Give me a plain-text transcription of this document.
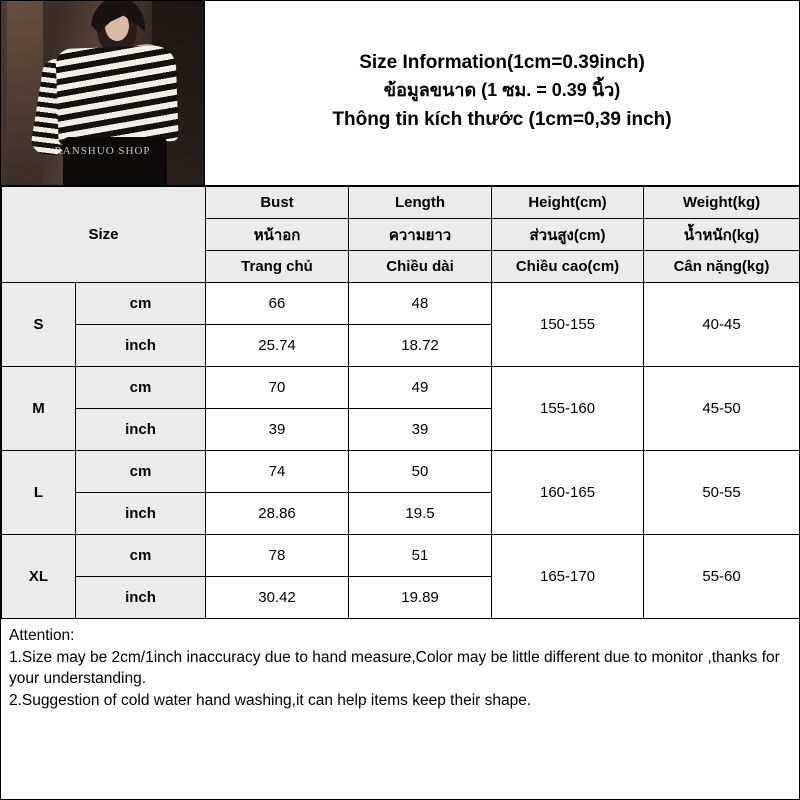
RANSHUO SHOP
Size Information(1cm=0.39inch)
ข้อมูลขนาด (1 ซม. = 0.39 นิ้ว)
Thông tin kích thước (1cm=0,39 inch)
Size		Bust	Length	Height(cm)	Weight(kg)
		หน้าอก	ความยาว	ส่วนสูง(cm)	น้ำหนัก(kg)
		Trang chủ	Chiều dài	Chiều cao(cm)	Cân nặng(kg)
S	cm	66	48	150-155	40-45
	inch	25.74	18.72		
M	cm	70	49	155-160	45-50
	inch	39	39		
L	cm	74	50	160-165	50-55
	inch	28.86	19.5		
XL	cm	78	51	165-170	55-60
	inch	30.42	19.89		

Attention:

1.Size may be 2cm/1inch inaccuracy due to hand measure,Color may be little different due to monitor ,thanks for your understanding.

2.Suggestion of cold water hand washing,it can help items keep their shape.
